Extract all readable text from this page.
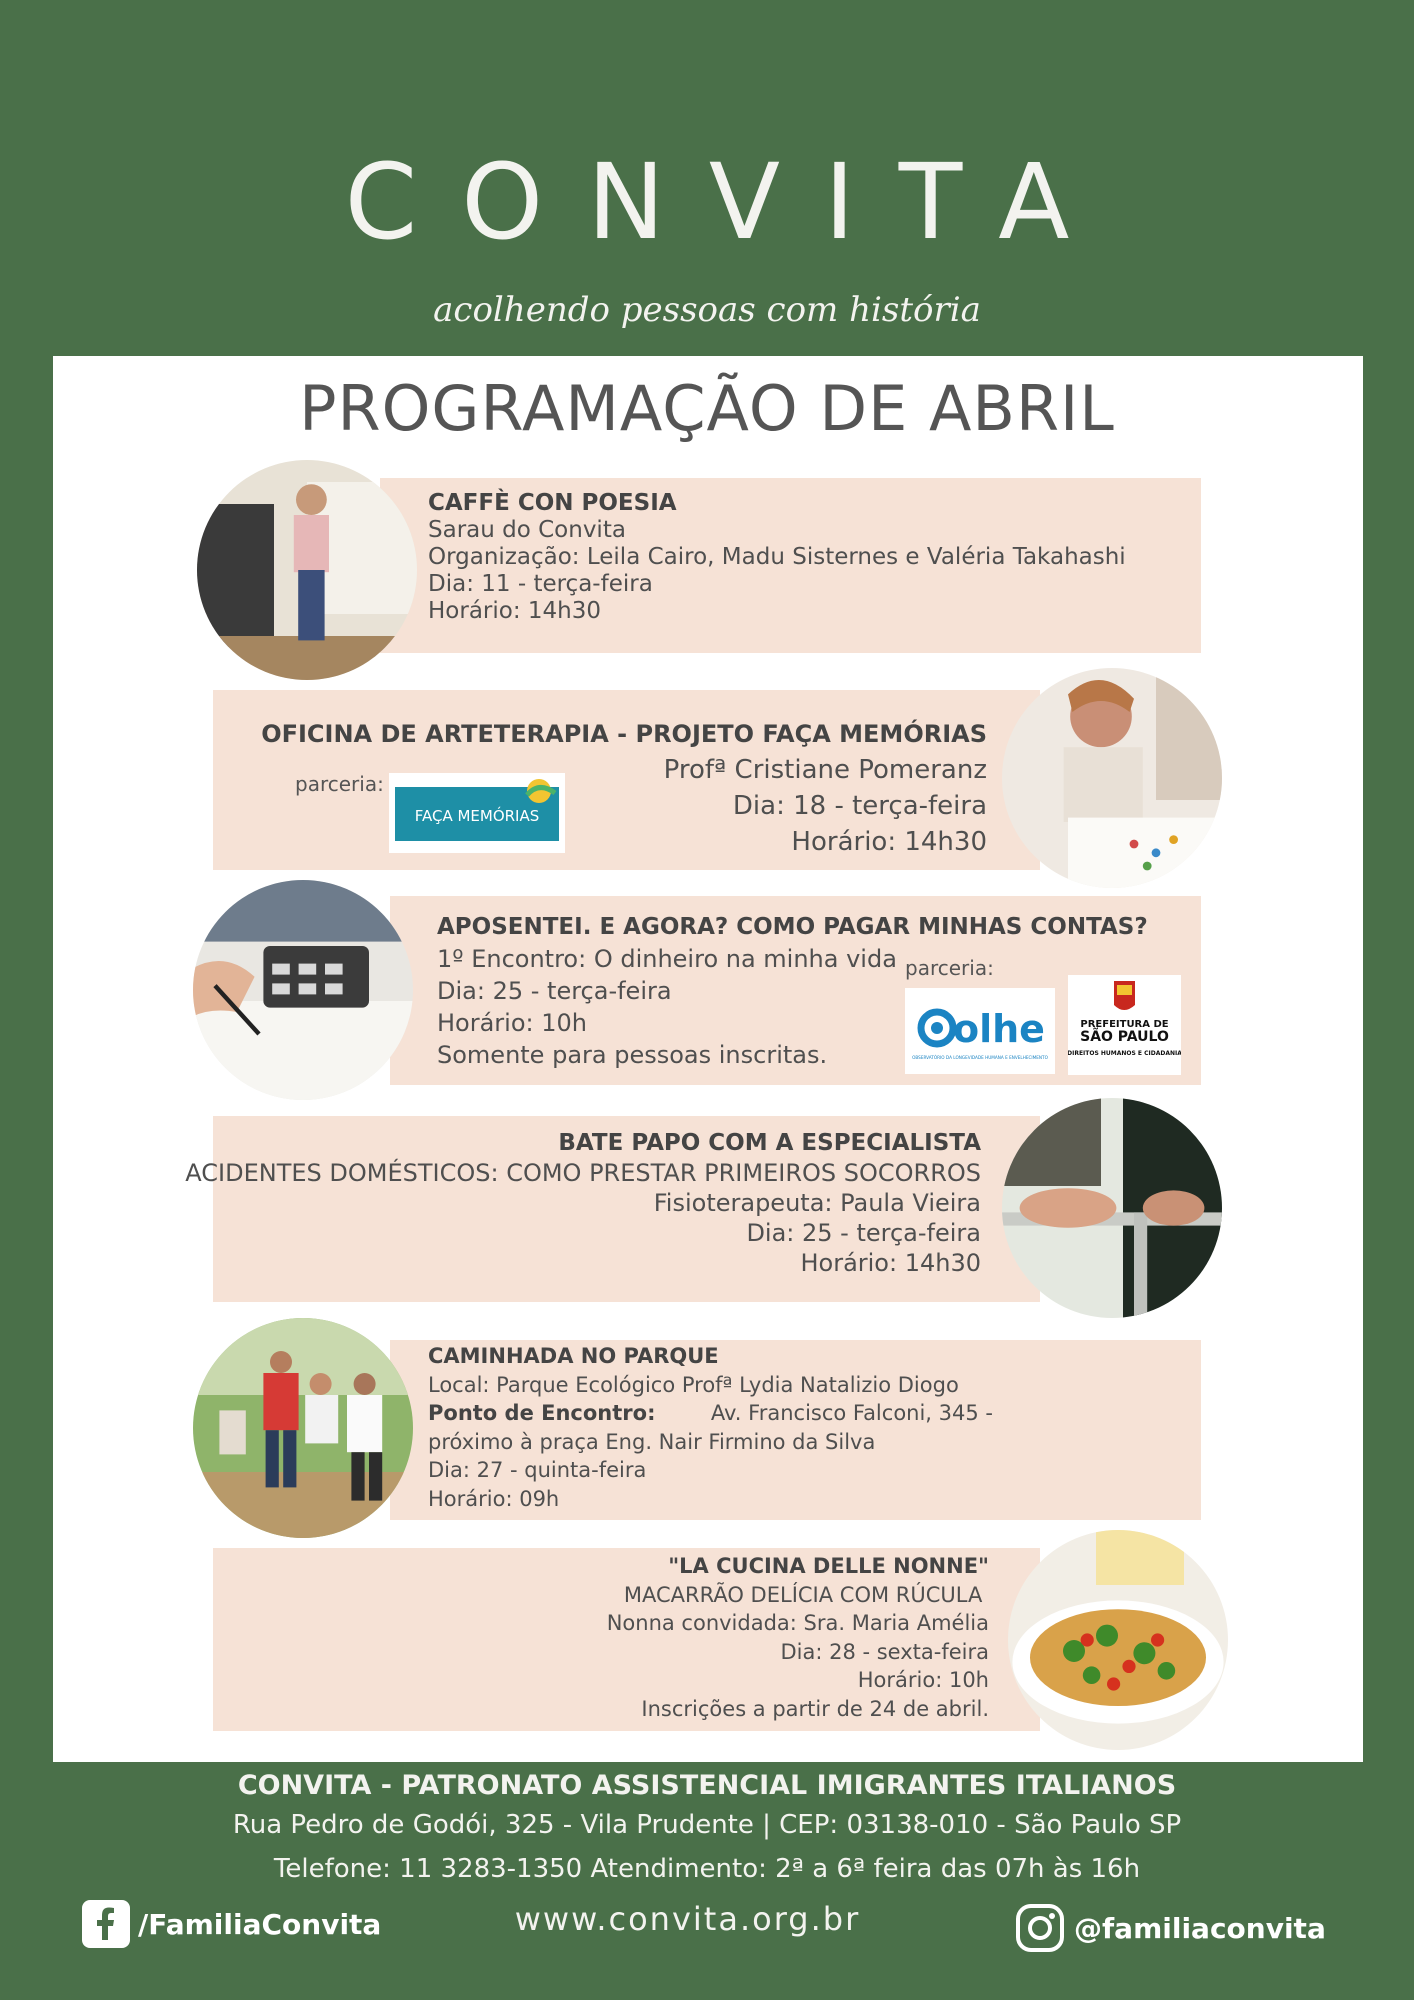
CONVITA
acolhendo pessoas com história
PROGRAMAÇÃO DE ABRIL
CAFFÈ CON POESIA
Sarau do Convita
Organização: Leila Cairo, Madu Sisternes e Valéria Takahashi
Dia: 11 - terça-feira
Horário: 14h30
OFICINA DE ARTETERAPIA - PROJETO FAÇA MEMÓRIAS
Profª Cristiane Pomeranz
Dia: 18 - terça-feira
Horário: 14h30
parceria:
FAÇA MEMÓRIAS
APOSENTEI. E AGORA? COMO PAGAR MINHAS CONTAS?
1º Encontro: O dinheiro na minha vida
Dia: 25 - terça-feira
Horário: 10h
Somente para pessoas inscritas.
parceria:
olhe
OBSERVATÓRIO DA LONGEVIDADE HUMANA E ENVELHECIMENTO
PREFEITURA DE
SÃO PAULO
DIREITOS HUMANOS E CIDADANIA
BATE PAPO COM A ESPECIALISTA
ACIDENTES DOMÉSTICOS: COMO PRESTAR PRIMEIROS SOCORROS
Fisioterapeuta: Paula Vieira
Dia: 25 - terça-feira
Horário: 14h30
CAMINHADA NO PARQUE
Local: Parque Ecológico Profª Lydia Natalizio Diogo
Ponto de Encontro:	Av. Francisco Falconi, 345 -
próximo à praça Eng. Nair Firmino da Silva
Dia: 27 - quinta-feira
Horário: 09h
"LA CUCINA DELLE NONNE"
MACARRÃO DELÍCIA COM RÚCULA
Nonna convidada: Sra. Maria Amélia
Dia: 28 - sexta-feira
Horário: 10h
Inscrições a partir de 24 de abril.
CONVITA - PATRONATO ASSISTENCIAL IMIGRANTES ITALIANOS
Rua Pedro de Godói, 325 - Vila Prudente | CEP: 03138-010 - São Paulo SP
Telefone: 11 3283-1350 Atendimento: 2ª a 6ª feira das 07h às 16h
/FamiliaConvita	www.convita.org.br	@familiaconvita
